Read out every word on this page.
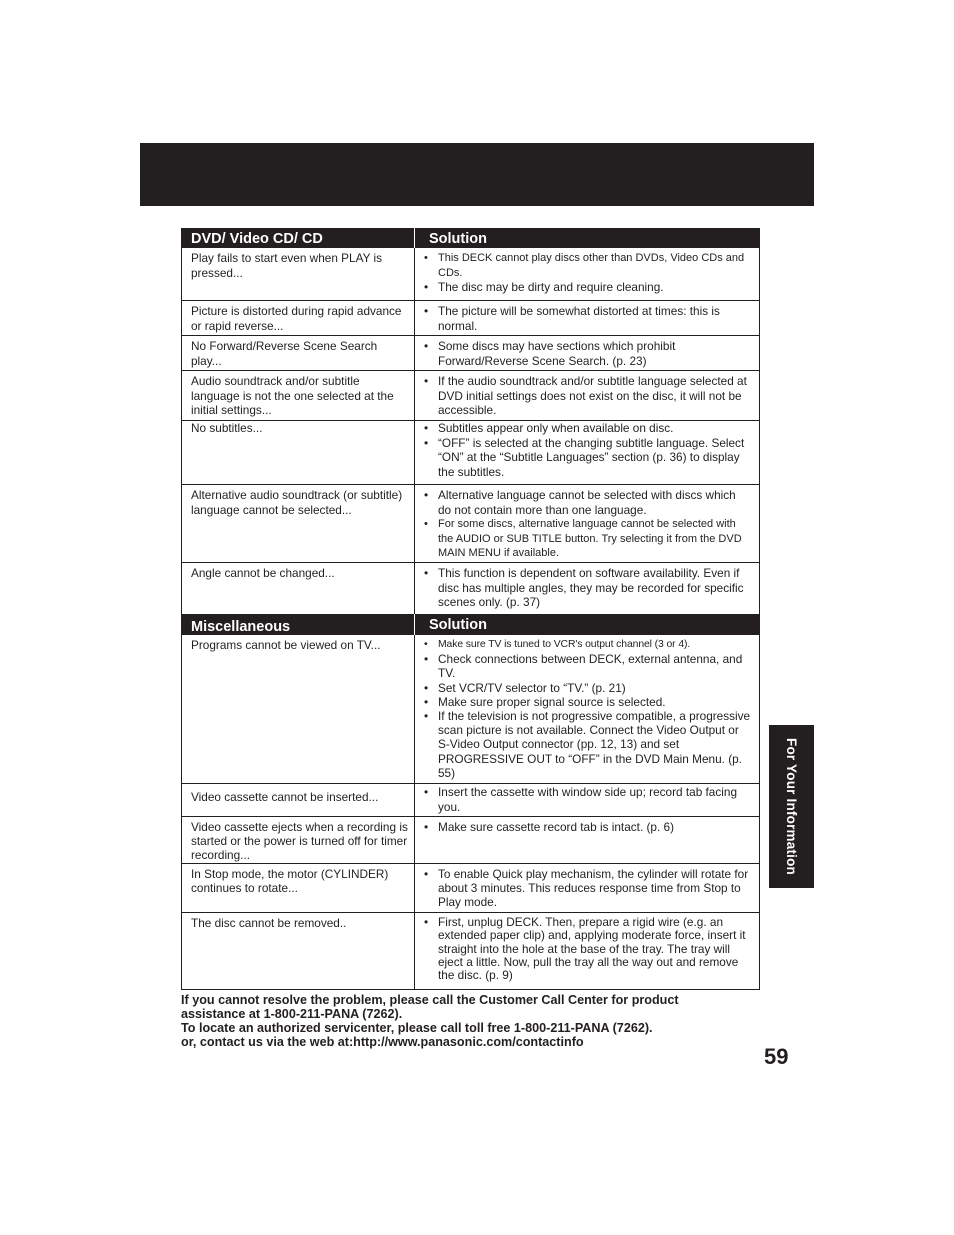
DVD/ Video CD/ CD	Solution
Play fails to start even when PLAY is pressed...
• This DECK cannot play discs other than DVDs, Video CDs and CDs.
• The disc may be dirty and require cleaning.
Picture is distorted during rapid advance or rapid reverse...
• The picture will be somewhat distorted at times: this is normal.
No Forward/Reverse Scene Search play...
• Some discs may have sections which prohibit Forward/Reverse Scene Search. (p. 23)
Audio soundtrack and/or subtitle language is not the one selected at the initial settings...
• If the audio soundtrack and/or subtitle language selected at DVD initial settings does not exist on the disc, it will not be accessible.
No subtitles...	• Subtitles appear only when available on disc.
• “OFF” is selected at the changing subtitle language. Select “ON” at the “Subtitle Languages” section (p. 36) to display the subtitles.
Alternative audio soundtrack (or subtitle) language cannot be selected...
• Alternative language cannot be selected with discs which do not contain more than one language.
• For some discs, alternative language cannot be selected with the AUDIO or SUB TITLE button. Try selecting it from the DVD MAIN MENU if available.
Angle cannot be changed...	• This function is dependent on software availability. Even if disc has multiple angles, they may be recorded for specific scenes only. (p. 37)
Miscellaneous	Solution
Programs cannot be viewed on TV...	• Make sure TV is tuned to VCR's output channel (3 or 4).
• Check connections between DECK, external antenna, and TV.
• Set VCR/TV selector to “TV.” (p. 21)
• Make sure proper signal source is selected.
• If the television is not progressive compatible, a progressive scan picture is not available. Connect the Video Output or S-Video Output connector (pp. 12, 13) and set PROGRESSIVE OUT to “OFF” in the DVD Main Menu. (p. 55)
Video cassette cannot be inserted...	• Insert the cassette with window side up; record tab facing you.
Video cassette ejects when a recording is started or the power is turned off for timer recording...
• Make sure cassette record tab is intact. (p. 6)
In Stop mode, the motor (CYLINDER) continues to rotate...
• To enable Quick play mechanism, the cylinder will rotate for about 3 minutes. This reduces response time from Stop to Play mode.
The disc cannot be removed..	• First, unplug DECK. Then, prepare a rigid wire (e.g. an extended paper clip) and, applying moderate force, insert it straight into the hole at the base of the tray. The tray will eject a little. Now, pull the tray all the way out and remove the disc. (p. 9)
For Your Information
If you cannot resolve the problem, please call the Customer Call Center for product
assistance at 1-800-211-PANA (7262).
To locate an authorized servicenter, please call toll free 1-800-211-PANA (7262).
or, contact us via the web at:http://www.panasonic.com/contactinfo
59
